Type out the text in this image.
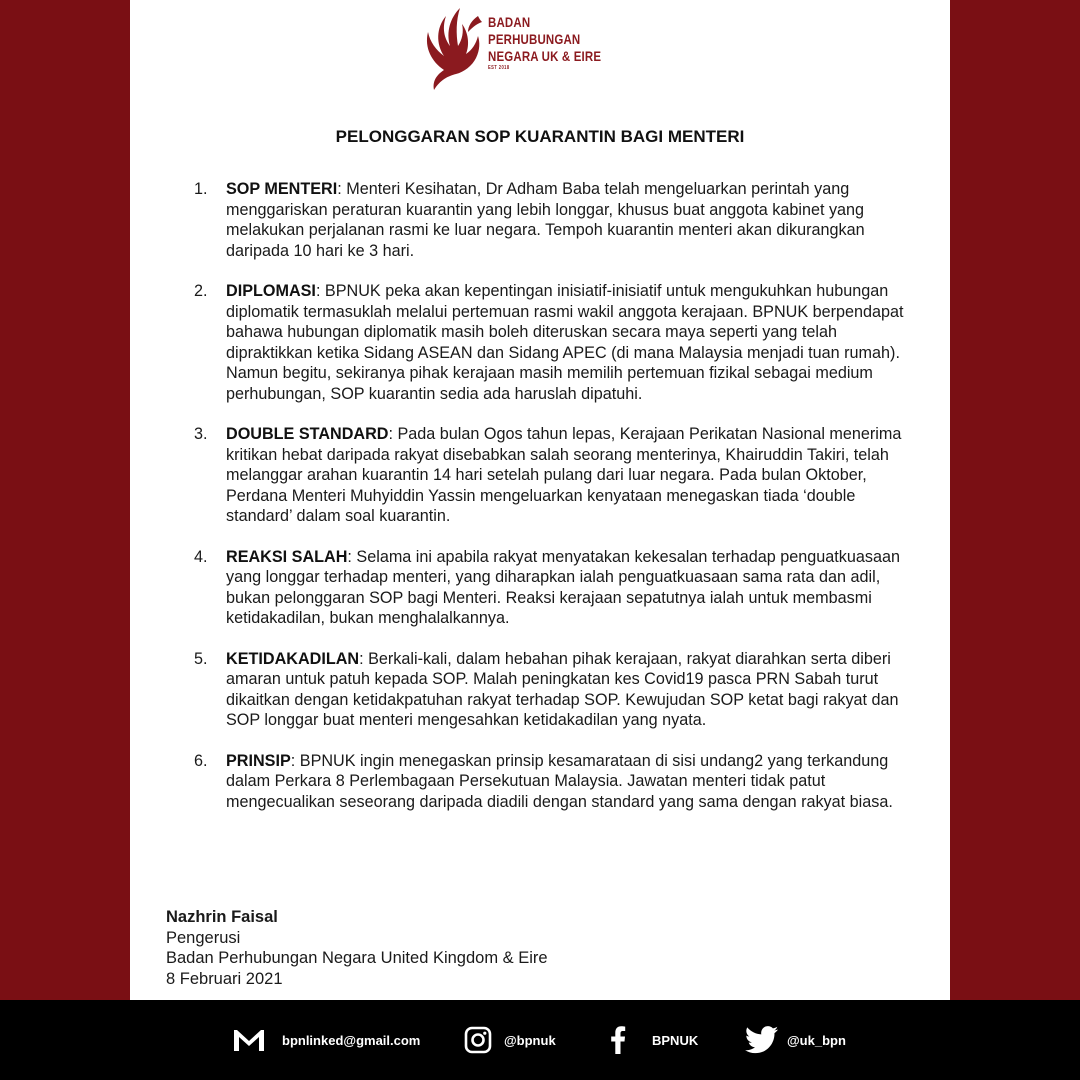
BADAN
PERHUBUNGAN
NEGARA UK & EIRE
EST 2018
PELONGGARAN SOP KUARANTIN BAGI MENTERI
1. SOP MENTERI: Menteri Kesihatan, Dr Adham Baba telah mengeluarkan perintah yang menggariskan peraturan kuarantin yang lebih longgar, khusus buat anggota kabinet yang melakukan perjalanan rasmi ke luar negara. Tempoh kuarantin menteri akan dikurangkan daripada 10 hari ke 3 hari.
2. DIPLOMASI: BPNUK peka akan kepentingan inisiatif-inisiatif untuk mengukuhkan hubungan diplomatik termasuklah melalui pertemuan rasmi wakil anggota kerajaan. BPNUK berpendapat bahawa hubungan diplomatik masih boleh diteruskan secara maya seperti yang telah dipraktikkan ketika Sidang ASEAN dan Sidang APEC (di mana Malaysia menjadi tuan rumah). Namun begitu, sekiranya pihak kerajaan masih memilih pertemuan fizikal sebagai medium perhubungan, SOP kuarantin sedia ada haruslah dipatuhi.
3. DOUBLE STANDARD: Pada bulan Ogos tahun lepas, Kerajaan Perikatan Nasional menerima kritikan hebat daripada rakyat disebabkan salah seorang menterinya, Khairuddin Takiri, telah melanggar arahan kuarantin 14 hari setelah pulang dari luar negara. Pada bulan Oktober, Perdana Menteri Muhyiddin Yassin mengeluarkan kenyataan menegaskan tiada ‘double standard’ dalam soal kuarantin.
4. REAKSI SALAH: Selama ini apabila rakyat menyatakan kekesalan terhadap penguatkuasaan yang longgar terhadap menteri, yang diharapkan ialah penguatkuasaan sama rata dan adil, bukan pelonggaran SOP bagi Menteri. Reaksi kerajaan sepatutnya ialah untuk membasmi ketidakadilan, bukan menghalalkannya.
5. KETIDAKADILAN: Berkali-kali, dalam hebahan pihak kerajaan, rakyat diarahkan serta diberi amaran untuk patuh kepada SOP. Malah peningkatan kes Covid19 pasca PRN Sabah turut dikaitkan dengan ketidakpatuhan rakyat terhadap SOP. Kewujudan SOP ketat bagi rakyat dan SOP longgar buat menteri mengesahkan ketidakadilan yang nyata.
6. PRINSIP: BPNUK ingin menegaskan prinsip kesamarataan di sisi undang2 yang terkandung dalam Perkara 8 Perlembagaan Persekutuan Malaysia. Jawatan menteri tidak patut mengecualikan seseorang daripada diadili dengan standard yang sama dengan rakyat biasa.
Nazhrin Faisal
Pengerusi
Badan Perhubungan Negara United Kingdom & Eire
8 Februari 2021
bpnlinked@gmail.com	@bpnuk	BPNUK	@uk_bpn
